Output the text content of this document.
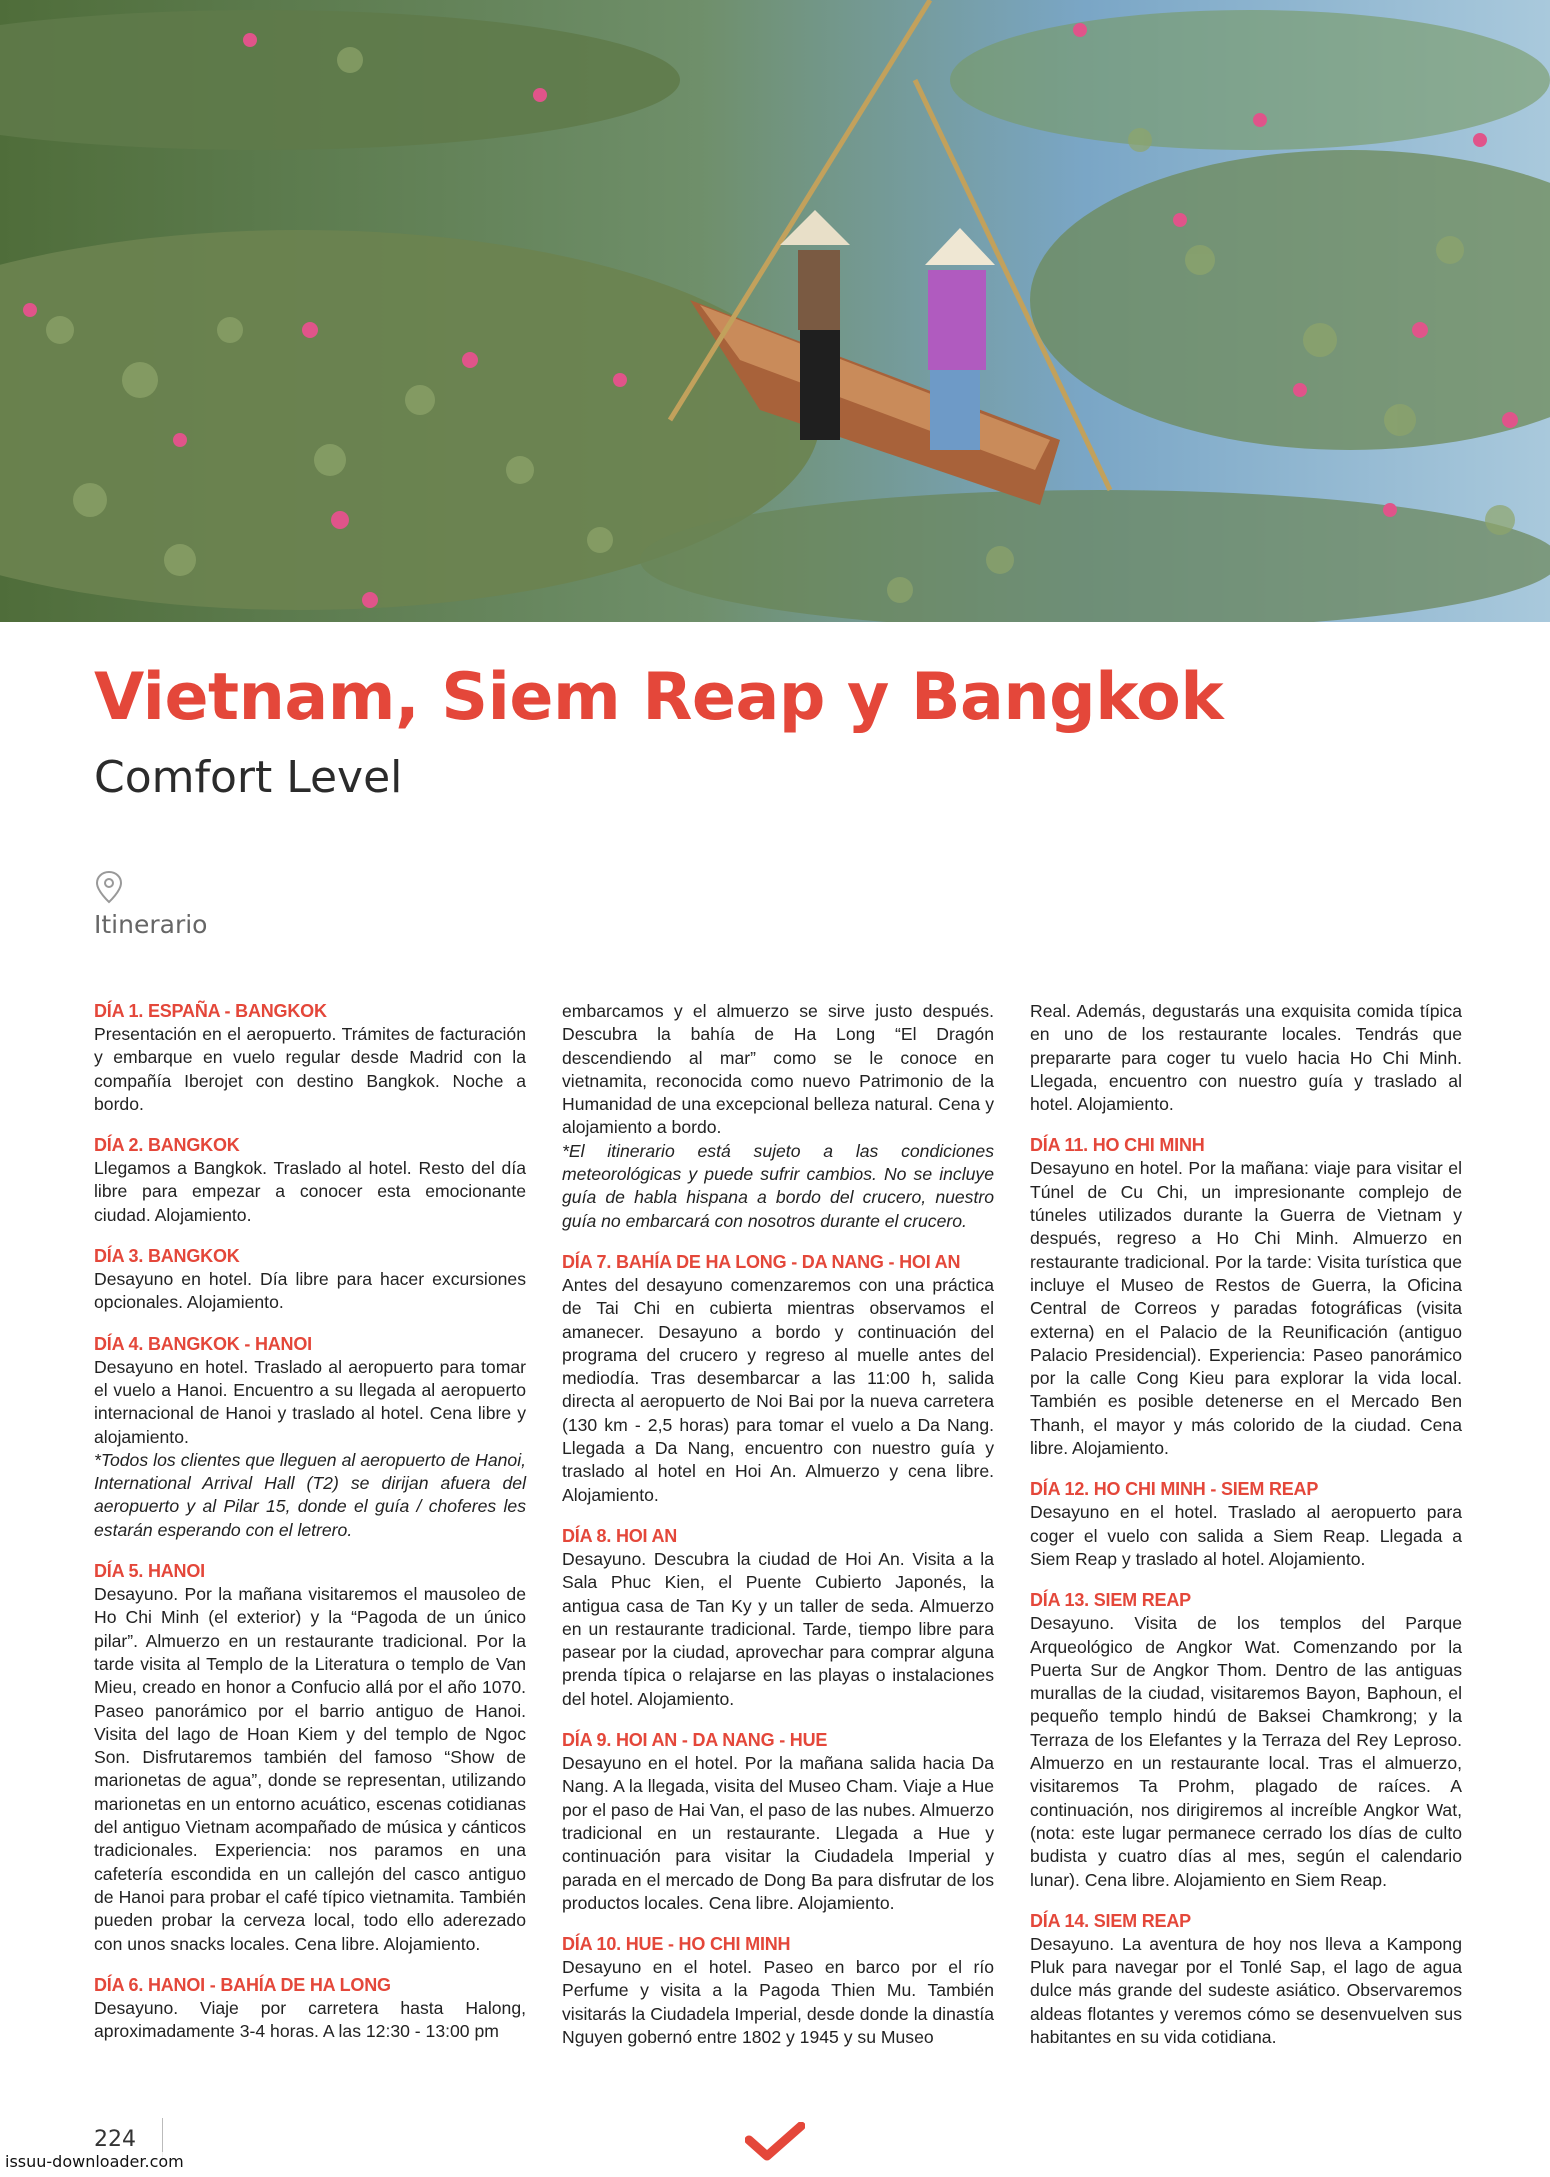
Vietnam, Siem Reap y Bangkok
Comfort Level
Itinerario
DÍA 1. ESPAÑA - BANGKOK

Presentación en el aeropuerto. Trámites de facturación y embarque en vuelo regular desde Madrid con la compañía Iberojet con destino Bangkok. Noche a bordo.

DÍA 2. BANGKOK

Llegamos a Bangkok. Traslado al hotel. Resto del día libre para empezar a conocer esta emocionante ciudad. Alojamiento.

DÍA 3. BANGKOK

Desayuno en hotel. Día libre para hacer excursiones opcionales. Alojamiento.

DÍA 4. BANGKOK - HANOI

Desayuno en hotel. Traslado al aeropuerto para tomar el vuelo a Hanoi. Encuentro a su llegada al aeropuerto internacional de Hanoi y traslado al hotel. Cena libre y alojamiento.

*Todos los clientes que lleguen al aeropuerto de Hanoi, International Arrival Hall (T2) se dirijan afuera del aeropuerto y al Pilar 15, donde el guía / choferes les estarán esperando con el letrero.

DÍA 5. HANOI

Desayuno. Por la mañana visitaremos el mausoleo de Ho Chi Minh (el exterior) y la “Pagoda de un único pilar”. Almuerzo en un restaurante tradicional. Por la tarde visita al Templo de la Literatura o templo de Van Mieu, creado en honor a Confucio allá por el año 1070. Paseo panorámico por el barrio antiguo de Hanoi. Visita del lago de Hoan Kiem y del templo de Ngoc Son. Disfrutaremos también del famoso “Show de marionetas de agua”, donde se representan, utilizando marionetas en un entorno acuático, escenas cotidianas del antiguo Vietnam acompañado de música y cánticos tradicionales. Experiencia: nos paramos en una cafetería escondida en un callejón del casco antiguo de Hanoi para probar el café típico vietnamita. También pueden probar la cerveza local, todo ello aderezado con unos snacks locales. Cena libre. Alojamiento.

DÍA 6. HANOI - BAHÍA DE HA LONG

Desayuno. Viaje por carretera hasta Halong, aproximadamente 3-4 horas. A las 12:30 - 13:00 pm

embarcamos y el almuerzo se sirve justo después. Descubra la bahía de Ha Long “El Dragón descendiendo al mar” como se le conoce en vietnamita, reconocida como nuevo Patrimonio de la Humanidad de una excepcional belleza natural. Cena y alojamiento a bordo.

*El itinerario está sujeto a las condiciones meteorológicas y puede sufrir cambios. No se incluye guía de habla hispana a bordo del crucero, nuestro guía no embarcará con nosotros durante el crucero.

DÍA 7. BAHÍA DE HA LONG - DA NANG - HOI AN

Antes del desayuno comenzaremos con una práctica de Tai Chi en cubierta mientras observamos el amanecer. Desayuno a bordo y continuación del programa del crucero y regreso al muelle antes del mediodía. Tras desembarcar a las 11:00 h, salida directa al aeropuerto de Noi Bai por la nueva carretera (130 km - 2,5 horas) para tomar el vuelo a Da Nang. Llegada a Da Nang, encuentro con nuestro guía y traslado al hotel en Hoi An. Almuerzo y cena libre. Alojamiento.

DÍA 8. HOI AN

Desayuno. Descubra la ciudad de Hoi An. Visita a la Sala Phuc Kien, el Puente Cubierto Japonés, la antigua casa de Tan Ky y un taller de seda. Almuerzo en un restaurante tradicional. Tarde, tiempo libre para pasear por la ciudad, aprovechar para comprar alguna prenda típica o relajarse en las playas o instalaciones del hotel. Alojamiento.

DÍA 9. HOI AN - DA NANG - HUE

Desayuno en el hotel. Por la mañana salida hacia Da Nang. A la llegada, visita del Museo Cham. Viaje a Hue por el paso de Hai Van, el paso de las nubes. Almuerzo tradicional en un restaurante. Llegada a Hue y continuación para visitar la Ciudadela Imperial y parada en el mercado de Dong Ba para disfrutar de los productos locales. Cena libre. Alojamiento.

DÍA 10. HUE - HO CHI MINH

Desayuno en el hotel. Paseo en barco por el río Perfume y visita a la Pagoda Thien Mu. También visitarás la Ciudadela Imperial, desde donde la dinastía Nguyen gobernó entre 1802 y 1945 y su Museo

Real. Además, degustarás una exquisita comida típica en uno de los restaurante locales. Tendrás que prepararte para coger tu vuelo hacia Ho Chi Minh. Llegada, encuentro con nuestro guía y traslado al hotel. Alojamiento.

DÍA 11. HO CHI MINH

Desayuno en hotel. Por la mañana: viaje para visitar el Túnel de Cu Chi, un impresionante complejo de túneles utilizados durante la Guerra de Vietnam y después, regreso a Ho Chi Minh. Almuerzo en restaurante tradicional. Por la tarde: Visita turística que incluye el Museo de Restos de Guerra, la Oficina Central de Correos y paradas fotográficas (visita externa) en el Palacio de la Reunificación (antiguo Palacio Presidencial). Experiencia: Paseo panorámico por la calle Cong Kieu para explorar la vida local. También es posible detenerse en el Mercado Ben Thanh, el mayor y más colorido de la ciudad. Cena libre. Alojamiento.

DÍA 12. HO CHI MINH - SIEM REAP

Desayuno en el hotel. Traslado al aeropuerto para coger el vuelo con salida a Siem Reap. Llegada a Siem Reap y traslado al hotel. Alojamiento.

DÍA 13. SIEM REAP

Desayuno. Visita de los templos del Parque Arqueológico de Angkor Wat. Comenzando por la Puerta Sur de Angkor Thom. Dentro de las antiguas murallas de la ciudad, visitaremos Bayon, Baphoun, el pequeño templo hindú de Baksei Chamkrong; y la Terraza de los Elefantes y la Terraza del Rey Leproso. Almuerzo en un restaurante local. Tras el almuerzo, visitaremos Ta Prohm, plagado de raíces. A continuación, nos dirigiremos al increíble Angkor Wat, (nota: este lugar permanece cerrado los días de culto budista y cuatro días al mes, según el calendario lunar). Cena libre. Alojamiento en Siem Reap.

DÍA 14. SIEM REAP

Desayuno. La aventura de hoy nos lleva a Kampong Pluk para navegar por el Tonlé Sap, el lago de agua dulce más grande del sudeste asiático. Observaremos aldeas flotantes y veremos cómo se desenvuelven sus habitantes en su vida cotidiana.

224
issuu-downloader.com
